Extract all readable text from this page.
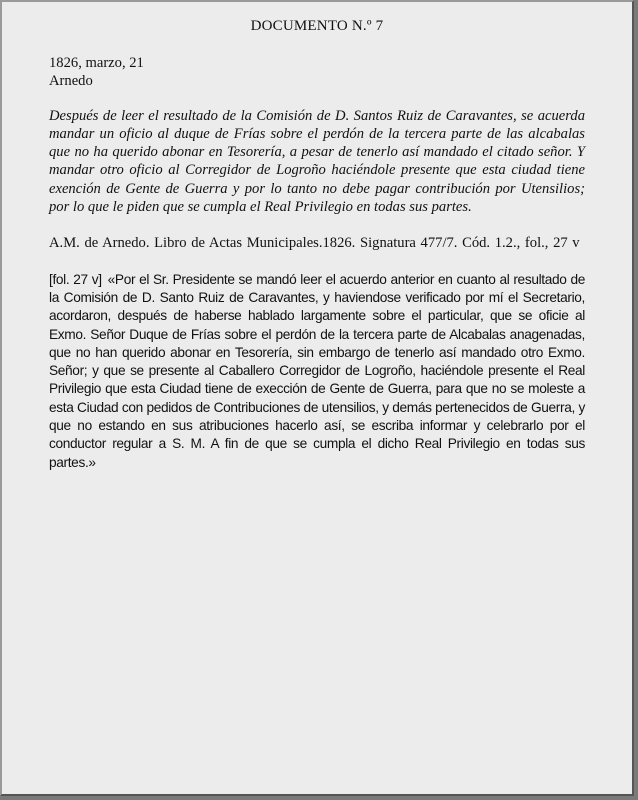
DOCUMENTO N.º 7
1826, marzo, 21
Arnedo

Después de leer el resultado de la Comisión de D. Santos Ruiz de Caravantes, se acuerda mandar un oficio al duque de Frías sobre el perdón de la tercera parte de las alcabalas que no ha querido abonar en Tesorería, a pesar de tenerlo así mandado el citado señor. Y mandar otro oficio al Corregidor de Logroño haciéndole presente que esta ciudad tiene exención de Gente de Guerra y por lo tanto no debe pagar contribución por Utensilios; por lo que le piden que se cumpla el Real Privilegio en todas sus partes.

A.M. de Arnedo. Libro de Actas Municipales.1826. Signatura 477/7. Cód. 1.2., fol., 27 v

[fol. 27 v] «Por el Sr. Presidente se mandó leer el acuerdo anterior en cuanto al resultado de la Comisión de D. Santo Ruiz de Caravantes, y haviendose verificado por mí el Secretario, acordaron, después de haberse hablado largamente sobre el particular, que se oficie al Exmo. Señor Duque de Frías sobre el perdón de la tercera parte de Alcabalas anagenadas, que no han querido abonar en Tesorería, sin embargo de tenerlo así mandado otro Exmo. Señor; y que se presente al Caballero Corregidor de Logroño, haciéndole presente el Real Privilegio que esta Ciudad tiene de exección de Gente de Guerra, para que no se moleste a esta Ciudad con pedidos de Contribuciones de utensilios, y demás pertenecidos de Guerra, y que no estando en sus atribuciones hacerlo así, se escriba informar y celebrarlo por el conductor regular a S. M. A fin de que se cumpla el dicho Real Privilegio en todas sus partes.»
